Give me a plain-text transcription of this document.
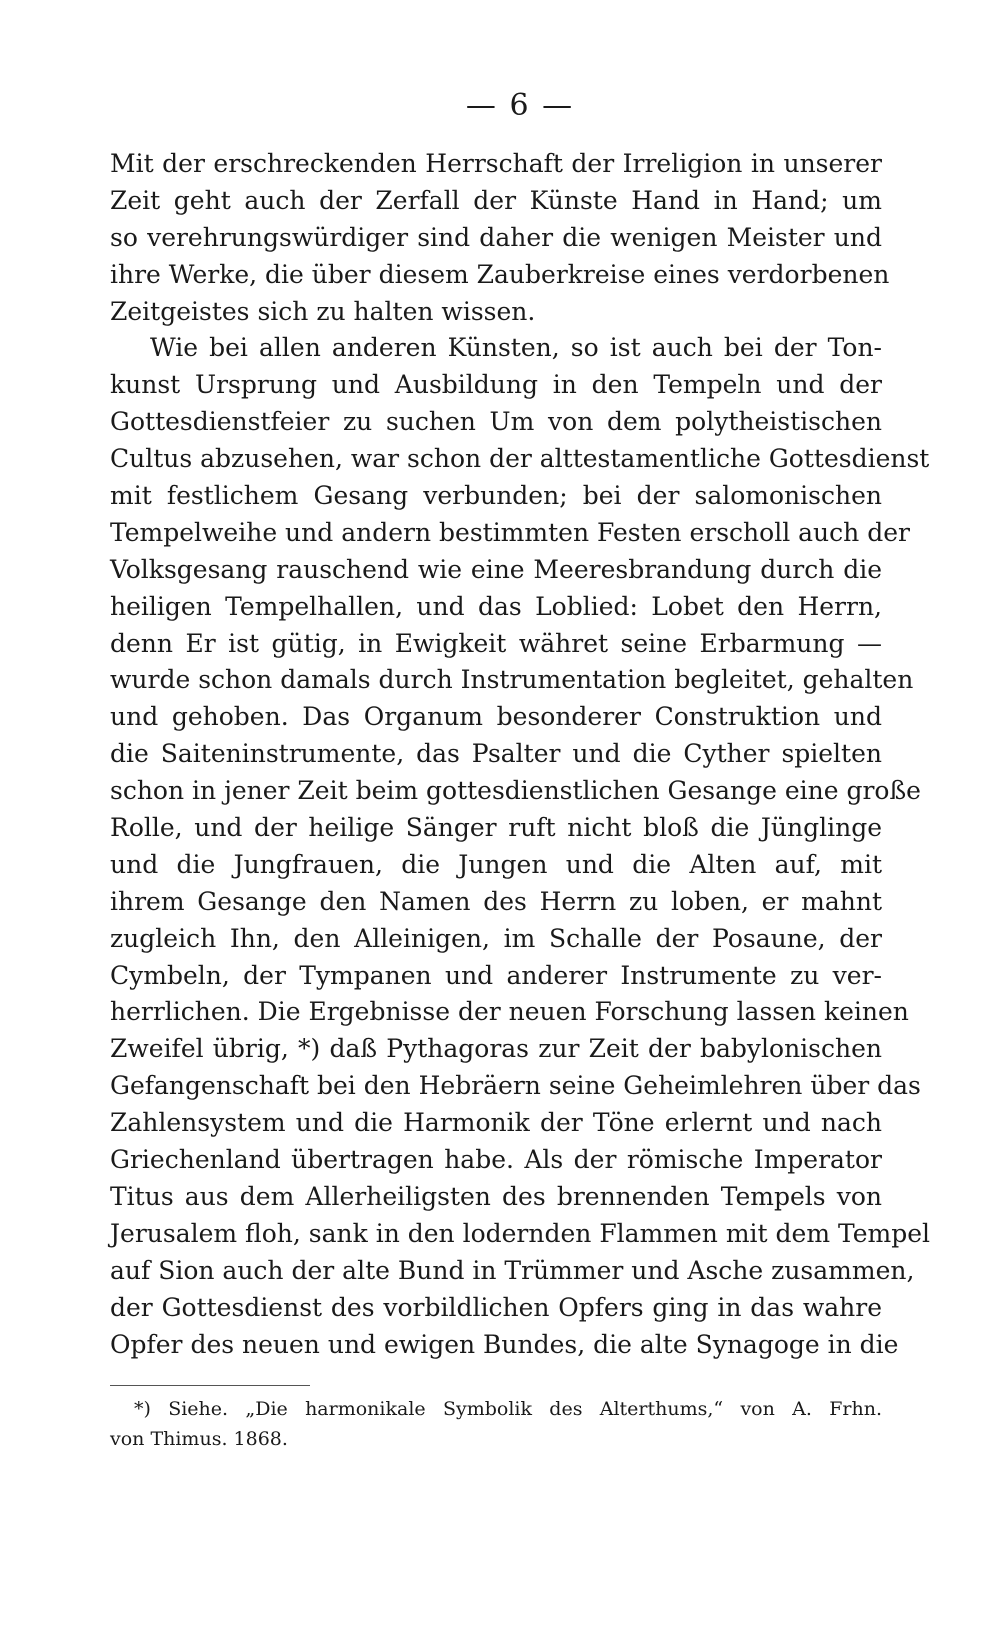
— 6 —
Mit der erschreckenden Herrschaft der Irreligion in unserer
Zeit geht auch der Zerfall der Künste Hand in Hand; um
so verehrungswürdiger sind daher die wenigen Meister und
ihre Werke, die über diesem Zauberkreise eines verdorbenen
Zeitgeistes sich zu halten wissen.
Wie bei allen anderen Künsten, so ist auch bei der Ton-
kunst Ursprung und Ausbildung in den Tempeln und der
Gottesdienstfeier zu suchen Um von dem polytheistischen
Cultus abzusehen, war schon der alttestamentliche Gottesdienst
mit festlichem Gesang verbunden; bei der salomonischen
Tempelweihe und andern bestimmten Festen erscholl auch der
Volksgesang rauschend wie eine Meeresbrandung durch die
heiligen Tempelhallen, und das Loblied: Lobet den Herrn,
denn Er ist gütig, in Ewigkeit währet seine Erbarmung —
wurde schon damals durch Instrumentation begleitet, gehalten
und gehoben. Das Organum besonderer Construktion und
die Saiteninstrumente, das Psalter und die Cyther spielten
schon in jener Zeit beim gottesdienstlichen Gesange eine große
Rolle, und der heilige Sänger ruft nicht bloß die Jünglinge
und die Jungfrauen, die Jungen und die Alten auf, mit
ihrem Gesange den Namen des Herrn zu loben, er mahnt
zugleich Ihn, den Alleinigen, im Schalle der Posaune, der
Cymbeln, der Tympanen und anderer Instrumente zu ver-
herrlichen. Die Ergebnisse der neuen Forschung lassen keinen
Zweifel übrig, *) daß Pythagoras zur Zeit der babylonischen
Gefangenschaft bei den Hebräern seine Geheimlehren über das
Zahlensystem und die Harmonik der Töne erlernt und nach
Griechenland übertragen habe. Als der römische Imperator
Titus aus dem Allerheiligsten des brennenden Tempels von
Jerusalem floh, sank in den lodernden Flammen mit dem Tempel
auf Sion auch der alte Bund in Trümmer und Asche zusammen,
der Gottesdienst des vorbildlichen Opfers ging in das wahre
Opfer des neuen und ewigen Bundes, die alte Synagoge in die
*) Siehe. „Die harmonikale Symbolik des Alterthums,“ von A. Frhn.
von Thimus. 1868.
